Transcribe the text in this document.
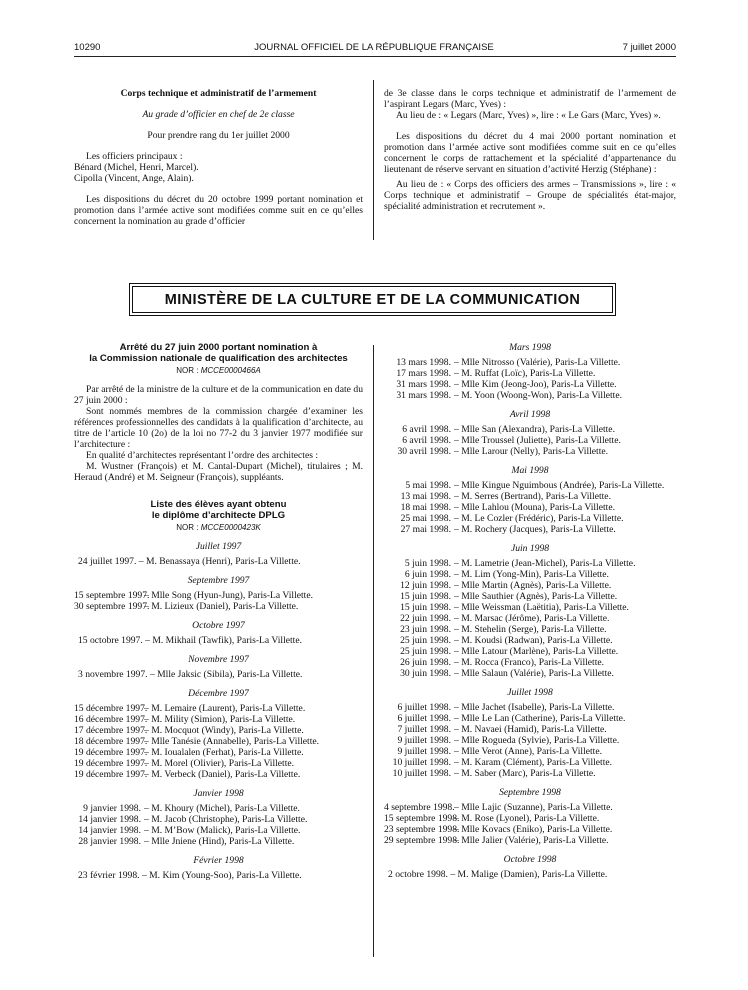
10290	JOURNAL OFFICIEL DE LA RÉPUBLIQUE FRANÇAISE	7 juillet 2000
Corps technique et administratif de l’armement
Au grade d’officier en chef de 2e classe
Pour prendre rang du 1er juillet 2000
Les officiers principaux :
Bénard (Michel, Henri, Marcel).
Cipolla (Vincent, Ange, Alain).
Les dispositions du décret du 20 octobre 1999 portant nomination et promotion dans l’armée active sont modifiées comme suit en ce qu’elles concernent la nomination au grade d’officier
de 3e classe dans le corps technique et administratif de l’armement de l’aspirant Legars (Marc, Yves) :
Au lieu de : « Legars (Marc, Yves) », lire : « Le Gars (Marc, Yves) ».
Les dispositions du décret du 4 mai 2000 portant nomination et promotion dans l’armée active sont modifiées comme suit en ce qu’elles concernent le corps de rattachement et la spécialité d’appartenance du lieutenant de réserve servant en situation d’activité Herzig (Stéphane) :
Au lieu de : « Corps des officiers des armes – Transmissions », lire : « Corps technique et administratif – Groupe de spécialités état-major, spécialité administration et recrutement ».
MINISTÈRE DE LA CULTURE ET DE LA COMMUNICATION
Arrêté du 27 juin 2000 portant nomination à
la Commission nationale de qualification des architectes
NOR : MCCE0000466A
Par arrêté de la ministre de la culture et de la communication en date du 27 juin 2000 :
Sont nommés membres de la commission chargée d’examiner les références professionnelles des candidats à la qualification d’architecte, au titre de l’article 10 (2o) de la loi no 77-2 du 3 janvier 1977 modifiée sur l’architecture :
En qualité d’architectes représentant l’ordre des architectes :
M. Wustner (François) et M. Cantal-Dupart (Michel), titulaires ; M. Heraud (André) et M. Seigneur (François), suppléants.
Liste des élèves ayant obtenu
le diplôme d’architecte DPLG
NOR : MCCE0000423K
Juillet 1997
24 juillet 1997. – M. Benassaya (Henri), Paris-La Villette.
Septembre 1997
15 septembre 1997.
– Mlle Song (Hyun-Jung), Paris-La Villette.
30 septembre 1997.
– M. Lizieux (Daniel), Paris-La Villette.
Octobre 1997
15 octobre 1997. – M. Mikhail (Tawfik), Paris-La Villette.
Novembre 1997
3 novembre 1997. – Mlle Jaksic (Sibila), Paris-La Villette.
Décembre 1997
15 décembre 1997.
– M. Lemaire (Laurent), Paris-La Villette.
16 décembre 1997.
– M. Mility (Simion), Paris-La Villette.
17 décembre 1997.
– M. Mocquot (Windy), Paris-La Villette.
18 décembre 1997.
– Mlle Tanésie (Annabelle), Paris-La Villette.
19 décembre 1997.
– M. Ioualalen (Ferhat), Paris-La Villette.
19 décembre 1997.
– M. Morel (Olivier), Paris-La Villette.
19 décembre 1997.
– M. Verbeck (Daniel), Paris-La Villette.
Janvier 1998
9 janvier 1998. – M. Khoury (Michel), Paris-La Villette.
14 janvier 1998. – M. Jacob (Christophe), Paris-La Villette.
14 janvier 1998. – M. M’Bow (Malick), Paris-La Villette.
28 janvier 1998. – Mlle Jniene (Hind), Paris-La Villette.
Février 1998
23 février 1998. – M. Kim (Young-Soo), Paris-La Villette.
Mars 1998
13 mars 1998. – Mlle Nitrosso (Valérie), Paris-La Villette.
17 mars 1998. – M. Ruffat (Loïc), Paris-La Villette.
31 mars 1998. – Mlle Kim (Jeong-Joo), Paris-La Villette.
31 mars 1998. – M. Yoon (Woong-Won), Paris-La Villette.
Avril 1998
6 avril 1998. – Mlle San (Alexandra), Paris-La Villette.
6 avril 1998. – Mlle Troussel (Juliette), Paris-La Villette.
30 avril 1998. – Mlle Larour (Nelly), Paris-La Villette.
Mai 1998
5 mai 1998. – Mlle Kingue Nguimbous (Andrée), Paris-La Villette.
13 mai 1998. – M. Serres (Bertrand), Paris-La Villette.
18 mai 1998. – Mlle Lahlou (Mouna), Paris-La Villette.
25 mai 1998. – M. Le Cozler (Frédéric), Paris-La Villette.
27 mai 1998. – M. Rochery (Jacques), Paris-La Villette.
Juin 1998
5 juin 1998. – M. Lametrie (Jean-Michel), Paris-La Villette.
6 juin 1998. – M. Lim (Yong-Min), Paris-La Villette.
12 juin 1998. – Mlle Martin (Agnès), Paris-La Villette.
15 juin 1998. – Mlle Sauthier (Agnès), Paris-La Villette.
15 juin 1998. – Mlle Weissman (Laëtitia), Paris-La Villette.
22 juin 1998. – M. Marsac (Jérôme), Paris-La Villette.
23 juin 1998. – M. Stehelin (Serge), Paris-La Villette.
25 juin 1998. – M. Koudsi (Radwan), Paris-La Villette.
25 juin 1998. – Mlle Latour (Marlène), Paris-La Villette.
26 juin 1998. – M. Rocca (Franco), Paris-La Villette.
30 juin 1998. – Mlle Salaun (Valérie), Paris-La Villette.
Juillet 1998
6 juillet 1998. – Mlle Jachet (Isabelle), Paris-La Villette.
6 juillet 1998. – Mlle Le Lan (Catherine), Paris-La Villette.
7 juillet 1998. – M. Navaei (Hamid), Paris-La Villette.
9 juillet 1998. – Mlle Rogueda (Sylvie), Paris-La Villette.
9 juillet 1998. – Mlle Verot (Anne), Paris-La Villette.
10 juillet 1998. – M. Karam (Clément), Paris-La Villette.
10 juillet 1998. – M. Saber (Marc), Paris-La Villette.
Septembre 1998
4 septembre 1998. – Mlle Lajic (Suzanne), Paris-La Villette.
15 septembre 1998.
– M. Rose (Lyonel), Paris-La Villette.
23 septembre 1998.
– Mlle Kovacs (Eniko), Paris-La Villette.
29 septembre 1998.
– Mlle Jalier (Valérie), Paris-La Villette.
Octobre 1998
2 octobre 1998. – M. Malige (Damien), Paris-La Villette.
